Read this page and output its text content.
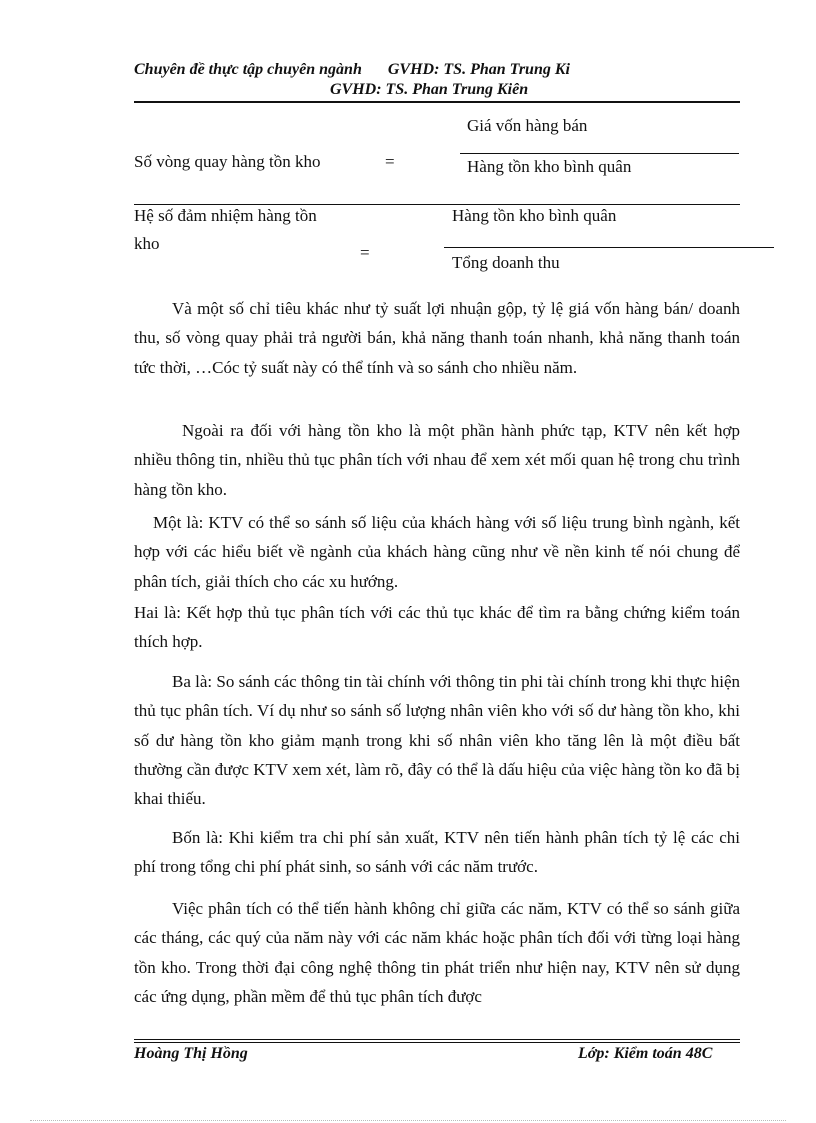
Chuyên đề thực tập chuyên ngành GVHD: TS. Phan Trung Ki
GVHD: TS. Phan Trung Kiên
Số vòng quay hàng tồn kho	=
Giá vốn hàng bán
Hàng tồn kho bình quân
Hệ số đảm nhiệm hàng tồn
kho	=
Hàng tồn kho bình quân
Tổng doanh thu

Và một số chỉ tiêu khác như tỷ suất lợi nhuận gộp, tỷ lệ giá vốn hàng bán/ doanh thu, số vòng quay phải trả người bán, khả năng thanh toán nhanh, khả năng thanh toán tức thời, …Cóc tỷ suất này có thể tính và so sánh cho nhiều năm.

Ngoài ra đối với hàng tồn kho là một phần hành phức tạp, KTV nên kết hợp nhiều thông tin, nhiều thủ tục phân tích với nhau để xem xét mối quan hệ trong chu trình hàng tồn kho.

Một là: KTV có thể so sánh số liệu của khách hàng với số liệu trung bình ngành, kết hợp với các hiểu biết về ngành của khách hàng cũng như về nền kinh tế nói chung để phân tích, giải thích cho các xu hướng.

Hai là: Kết hợp thủ tục phân tích với các thủ tục khác để tìm ra bằng chứng kiểm toán thích hợp.

Ba là: So sánh các thông tin tài chính với thông tin phi tài chính trong khi thực hiện thủ tục phân tích. Ví dụ như so sánh số lượng nhân viên kho với số dư hàng tồn kho, khi số dư hàng tồn kho giảm mạnh trong khi số nhân viên kho tăng lên là một điều bất thường cần được KTV xem xét, làm rõ, đây có thể là dấu hiệu của việc hàng tồn ko đã bị khai thiếu.

Bốn là: Khi kiểm tra chi phí sản xuất, KTV nên tiến hành phân tích tỷ lệ các chi phí trong tổng chi phí phát sinh, so sánh với các năm trước.

Việc phân tích có thể tiến hành không chỉ giữa các năm, KTV có thể so sánh giữa các tháng, các quý của năm này với các năm khác hoặc phân tích đối với từng loại hàng tồn kho. Trong thời đại công nghệ thông tin phát triển như hiện nay, KTV nên sử dụng các ứng dụng, phần mềm để thủ tục phân tích được

Hoàng Thị Hồng	Lớp: Kiểm toán 48C
